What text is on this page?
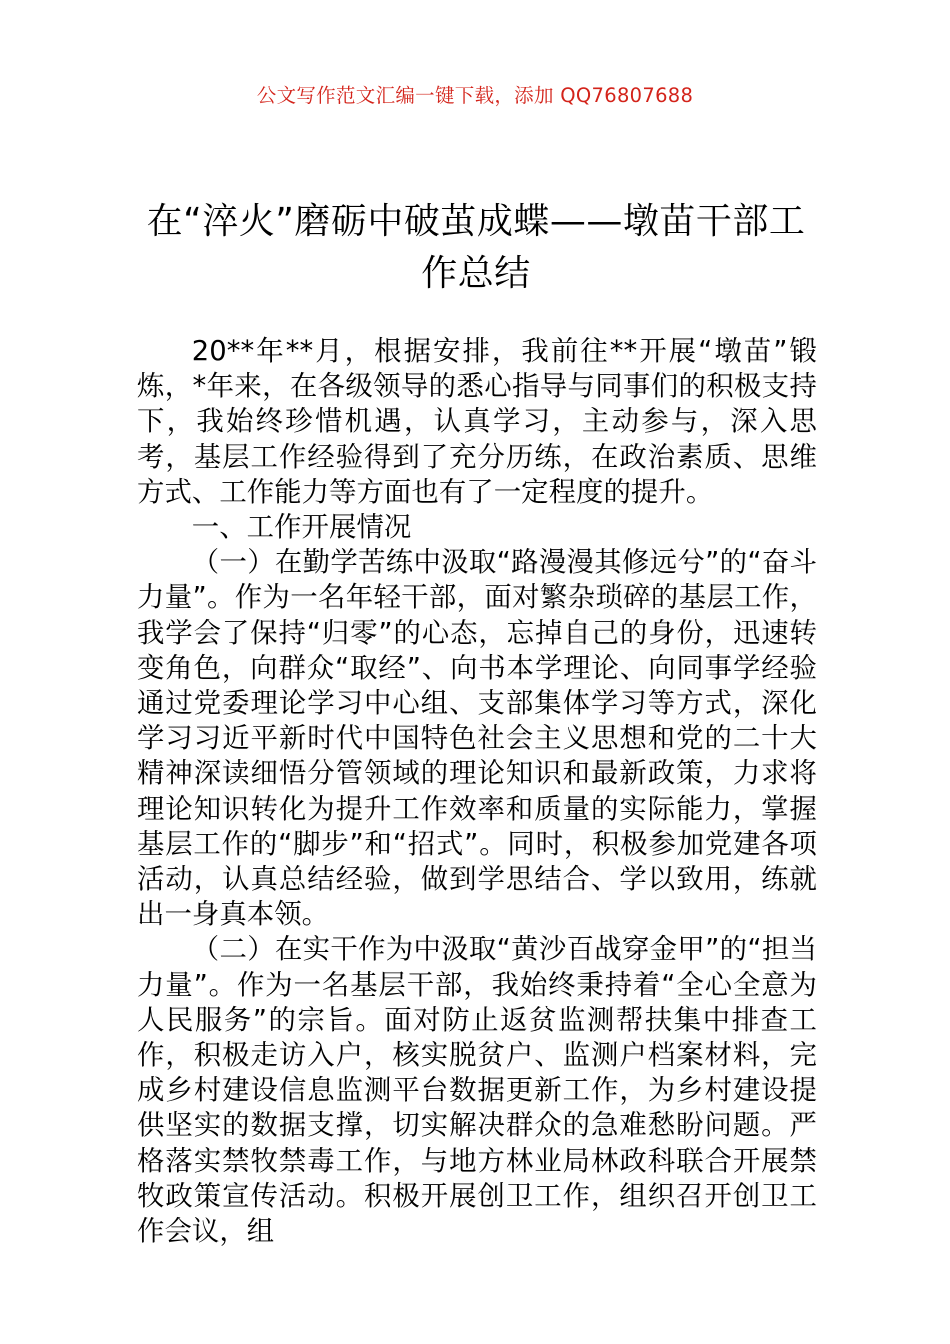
公文写作范文汇编一键下载，添加 QQ76807688
在“淬火”磨砺中破茧成蝶——墩苗干部工作总结

20**年**月，根据安排，我前往**开展“墩苗”锻炼，*年来，在各级领导的悉心指导与同事们的积极支持下，我始终珍惜机遇，认真学习，主动参与，深入思考，基层工作经验得到了充分历练，在政治素质、思维方式、工作能力等方面也有了一定程度的提升。

一、工作开展情况

（一）在勤学苦练中汲取“路漫漫其修远兮”的“奋斗力量”。作为一名年轻干部，面对繁杂琐碎的基层工作，我学会了保持“归零”的心态，忘掉自己的身份，迅速转变角色，向群众“取经”、向书本学理论、向同事学经验通过党委理论学习中心组、支部集体学习等方式，深化学习习近平新时代中国特色社会主义思想和党的二十大精神深读细悟分管领域的理论知识和最新政策，力求将理论知识转化为提升工作效率和质量的实际能力，掌握基层工作的“脚步”和“招式”。同时，积极参加党建各项活动，认真总结经验，做到学思结合、学以致用，练就出一身真本领。

（二）在实干作为中汲取“黄沙百战穿金甲”的“担当力量”。作为一名基层干部，我始终秉持着“全心全意为人民服务”的宗旨。面对防止返贫监测帮扶集中排查工作，积极走访入户，核实脱贫户、监测户档案材料，完成乡村建设信息监测平台数据更新工作，为乡村建设提供坚实的数据支撑，切实解决群众的急难愁盼问题。严格落实禁牧禁毒工作，与地方林业局林政科联合开展禁牧政策宣传活动。积极开展创卫工作，组织召开创卫工作会议，组
